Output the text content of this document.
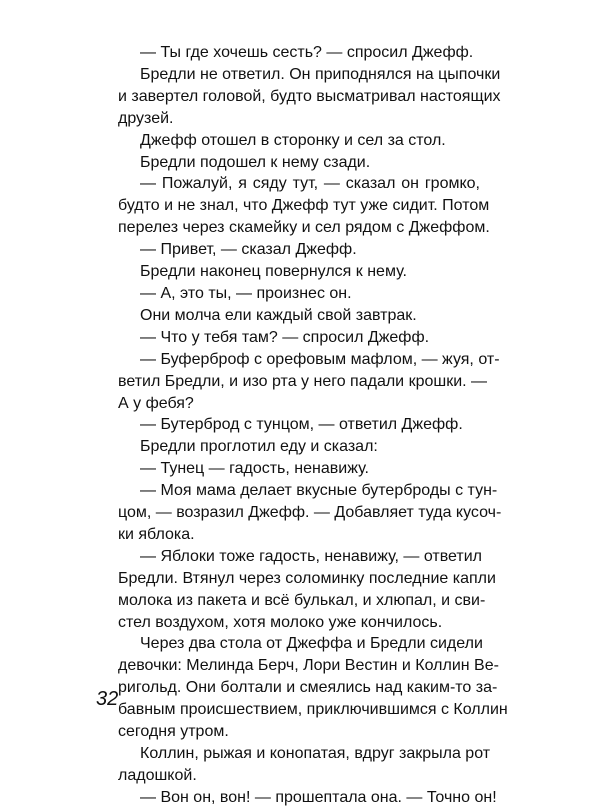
— Ты где хочешь сесть? — спросил Джефф.
Бредли не ответил. Он приподнялся на цыпочки
и завертел головой, будто высматривал настоящих
друзей.
Джефф отошел в сторонку и сел за стол.
Бредли подошел к нему сзади.
— Пожалуй, я сяду тут, — сказал он громко,
будто и не знал, что Джефф тут уже сидит. Потом
перелез через скамейку и сел рядом с Джеффом.
— Привет, — сказал Джефф.
Бредли наконец повернулся к нему.
— А, это ты, — произнес он.
Они молча ели каждый свой завтрак.
— Что у тебя там? — спросил Джефф.
— Буферброф с орефовым мафлом, — жуя, от-
ветил Бредли, и изо рта у него падали крошки. —
А у фебя?
— Бутерброд с тунцом, — ответил Джефф.
Бредли проглотил еду и сказал:
— Тунец — гадость, ненавижу.
— Моя мама делает вкусные бутерброды с тун-
цом, — возразил Джефф. — Добавляет туда кусоч-
ки яблока.
— Яблоки тоже гадость, ненавижу, — ответил
Бредли. Втянул через соломинку последние капли
молока из пакета и всё булькал, и хлюпал, и сви-
стел воздухом, хотя молоко уже кончилось.
Через два стола от Джеффа и Бредли сидели
девочки: Мелинда Берч, Лори Вестин и Коллин Ве-
ригольд. Они болтали и смеялись над каким-то за-
бавным происшествием, приключившимся с Коллин
сегодня утром.
Коллин, рыжая и конопатая, вдруг закрыла рот
ладошкой.
— Вон он, вон! — прошептала она. — Точно он!
32
